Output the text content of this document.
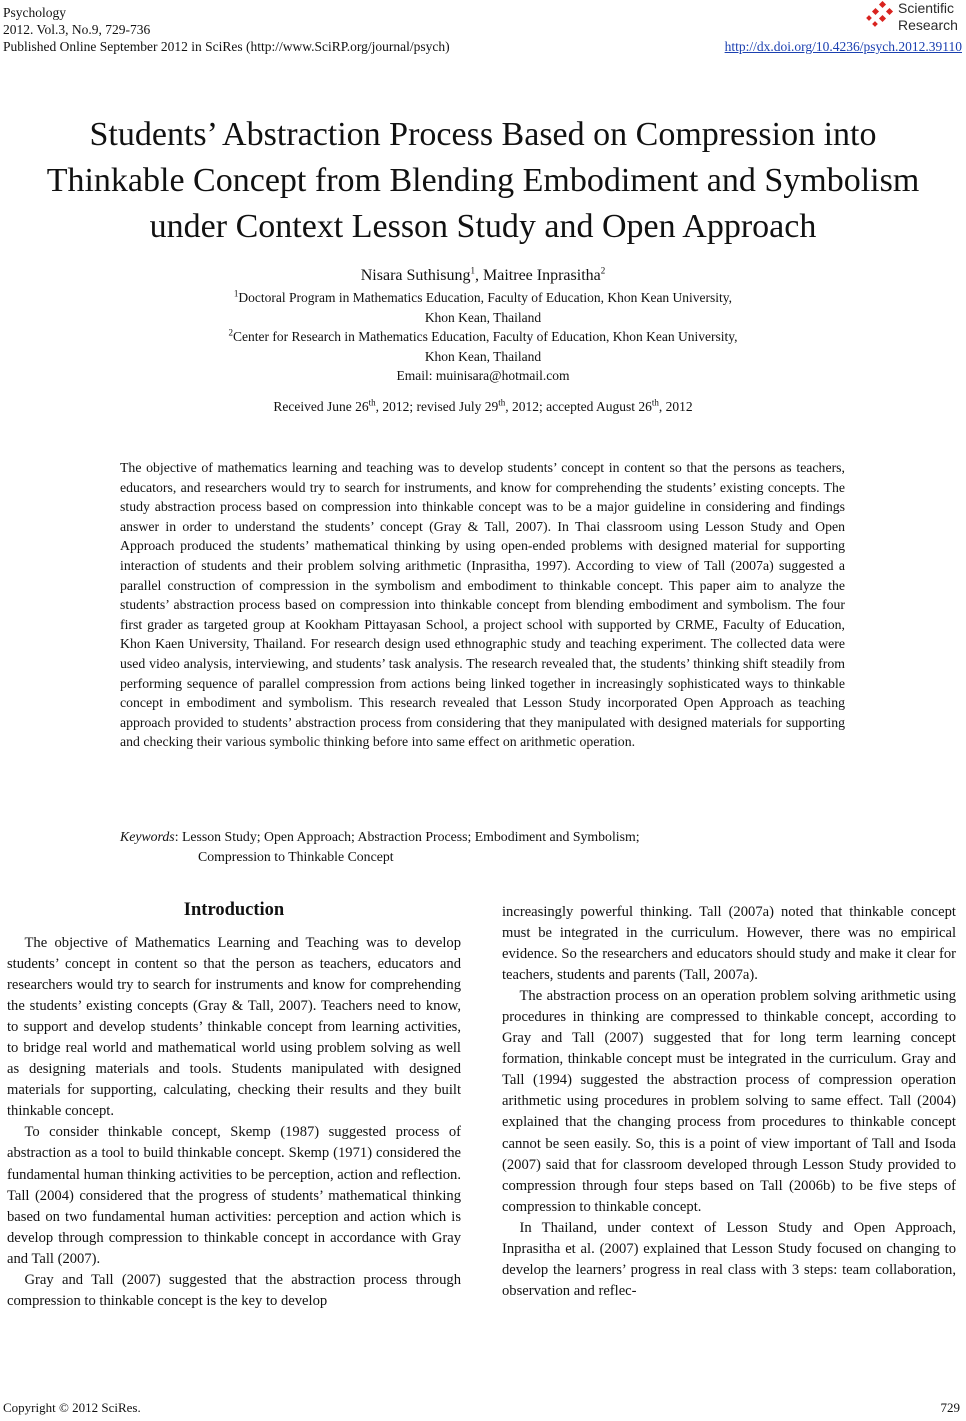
Psychology
2012. Vol.3, No.9, 729-736
Published Online September 2012 in SciRes (http://www.SciRP.org/journal/psych)	http://dx.doi.org/10.4236/psych.2012.39110
Scientific
Research
Students’ Abstraction Process Based on Compression into
Thinkable Concept from Blending Embodiment and Symbolism
under Context Lesson Study and Open Approach
Nisara Suthisung$^1$, Maitree Inprasitha$^2$
$^1$Doctoral Program in Mathematics Education, Faculty of Education, Khon Kean University,
Khon Kean, Thailand
$^2$Center for Research in Mathematics Education, Faculty of Education, Khon Kean University,
Khon Kean, Thailand
Email: muinisara@hotmail.com
Received June 26th, 2012; revised July 29th, 2012; accepted August 26th, 2012
The objective of mathematics learning and teaching was to develop students’ concept in content so that the persons as teachers, educators, and researchers would try to search for instruments, and know for comprehending the students’ existing concepts. The study abstraction process based on compression into thinkable concept was to be a major guideline in considering and findings answer in order to understand the students’ concept (Gray & Tall, 2007). In Thai classroom using Lesson Study and Open Approach produced the students’ mathematical thinking by using open-ended problems with designed material for supporting interaction of students and their problem solving arithmetic (Inprasitha, 1997). According to view of Tall (2007a) suggested a parallel construction of compression in the symbolism and embodiment to thinkable concept. This paper aim to analyze the students’ abstraction process based on compression into thinkable concept from blending embodiment and symbolism. The four first grader as targeted group at Kookham Pittayasan School, a project school with supported by CRME, Faculty of Education, Khon Kaen University, Thailand. For research design used ethnographic study and teaching experiment. The collected data were used video analysis, interviewing, and students’ task analysis. The research revealed that, the students’ thinking shift steadily from performing sequence of parallel compression from actions being linked together in increasingly sophisticated ways to thinkable concept in embodiment and symbolism. This research revealed that Lesson Study incorporated Open Approach as teaching approach provided to students’ abstraction process from considering that they manipulated with designed materials for supporting and checking their various symbolic thinking before into same effect on arithmetic operation.
Keywords: Lesson Study; Open Approach; Abstraction Process; Embodiment and Symbolism;
Compression to Thinkable Concept
Introduction

The objective of Mathematics Learning and Teaching was to develop students’ concept in content so that the person as teachers, educators and researchers would try to search for instruments and know for comprehending the students’ existing concepts (Gray & Tall, 2007). Teachers need to know, to support and develop students’ thinkable concept from learning activities, to bridge real world and mathematical world using problem solving as well as designing materials and tools. Students manipulated with designed materials for supporting, calculating, checking their results and they built thinkable concept.

To consider thinkable concept, Skemp (1987) suggested process of abstraction as a tool to build thinkable concept. Skemp (1971) considered the fundamental human thinking activities to be perception, action and reflection. Tall (2004) considered that the progress of students’ mathematical thinking based on two fundamental human activities: perception and action which is develop through compression to thinkable concept in accordance with Gray and Tall (2007).

Gray and Tall (2007) suggested that the abstraction process through compression to thinkable concept is the key to develop

increasingly powerful thinking. Tall (2007a) noted that thinkable concept must be integrated in the curriculum. However, there was no empirical evidence. So the researchers and educators should study and make it clear for teachers, students and parents (Tall, 2007a).

The abstraction process on an operation problem solving arithmetic using procedures in thinking are compressed to thinkable concept, according to Gray and Tall (2007) suggested that for long term learning concept formation, thinkable concept must be integrated in the curriculum. Gray and Tall (1994) suggested the abstraction process of compression operation arithmetic using procedures in problem solving to same effect. Tall (2004) explained that the changing process from procedures to thinkable concept cannot be seen easily. So, this is a point of view important of Tall and Isoda (2007) said that for classroom developed through Lesson Study provided to compression through four steps based on Tall (2006b) to be five steps of compression to thinkable concept.

In Thailand, under context of Lesson Study and Open Approach, Inprasitha et al. (2007) explained that Lesson Study focused on changing to develop the learners’ progress in real class with 3 steps: team collaboration, observation and reflec-

Copyright © 2012 SciRes.	729
